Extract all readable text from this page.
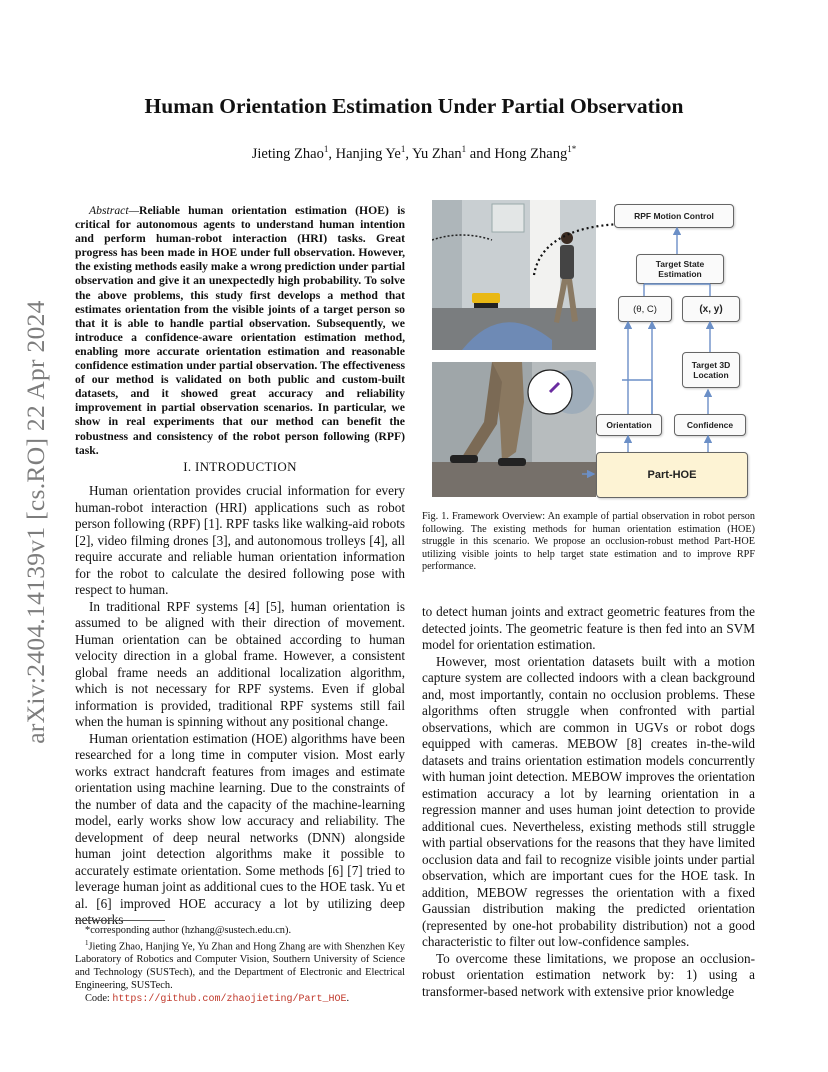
arXiv:2404.14139v1 [cs.RO] 22 Apr 2024
Human Orientation Estimation Under Partial Observation
Jieting Zhao$^1$, Hanjing Ye$^1$, Yu Zhan$^1$ and Hong Zhang$^{1*}$

Abstract—Reliable human orientation estimation (HOE) is critical for autonomous agents to understand human intention and perform human-robot interaction (HRI) tasks. Great progress has been made in HOE under full observation. However, the existing methods easily make a wrong prediction under partial observation and give it an unexpectedly high probability. To solve the above problems, this study first develops a method that estimates orientation from the visible joints of a target person so that it is able to handle partial observation. Subsequently, we introduce a confidence-aware orientation estimation method, enabling more accurate orientation estimation and reasonable confidence estimation under partial observation. The effectiveness of our method is validated on both public and custom-built datasets, and it showed great accuracy and reliability improvement in partial observation scenarios. In particular, we show in real experiments that our method can benefit the robustness and consistency of the robot person following (RPF) task.

I. INTRODUCTION

Human orientation provides crucial information for every human-robot interaction (HRI) applications such as robot person following (RPF) [1]. RPF tasks like walking-aid robots [2], video filming drones [3], and autonomous trolleys [4], all require accurate and reliable human orientation information for the robot to calculate the desired following pose with respect to human.

In traditional RPF systems [4] [5], human orientation is assumed to be aligned with their direction of movement. Human orientation can be obtained according to human velocity direction in a global frame. However, a consistent global frame needs an additional localization algorithm, which is not necessary for RPF systems. Even if global information is provided, traditional RPF systems still fail when the human is spinning without any positional change.

Human orientation estimation (HOE) algorithms have been researched for a long time in computer vision. Most early works extract handcraft features from images and estimate orientation using machine learning. Due to the constraints of the number of data and the capacity of the machine-learning model, early works show low accuracy and reliability. The development of deep neural networks (DNN) alongside human joint detection algorithms make it possible to accurately estimate orientation. Some methods [6] [7] tried to leverage human joint as additional cues to the HOE task. Yu et al. [6] improved HOE accuracy a lot by utilizing deep networks

*corresponding author (hzhang@sustech.edu.cn).

$^1$Jieting Zhao, Hanjing Ye, Yu Zhan and Hong Zhang are with Shenzhen Key Laboratory of Robotics and Computer Vision, Southern University of Science and Technology (SUSTech), and the Department of Electronic and Electrical Engineering, SUSTech.

Code: https://github.com/zhaojieting/Part_HOE.

RPF Motion Control
Target State Estimation
(θ, C)	(x, y)
Target 3D Location
Orientation	Confidence
Part-HOE

Fig. 1. Framework Overview: An example of partial observation in robot person following. The existing methods for human orientation estimation (HOE) struggle in this scenario. We propose an occlusion-robust method Part-HOE utilizing visible joints to help target state estimation and to improve RPF performance.

to detect human joints and extract geometric features from the detected joints. The geometric feature is then fed into an SVM model for orientation estimation.

However, most orientation datasets built with a motion capture system are collected indoors with a clean background and, most importantly, contain no occlusion problems. These algorithms often struggle when confronted with partial observations, which are common in UGVs or robot dogs equipped with cameras. MEBOW [8] creates in-the-wild datasets and trains orientation estimation models concurrently with human joint detection. MEBOW improves the orientation estimation accuracy a lot by learning orientation in a regression manner and uses human joint detection to provide additional cues. Nevertheless, existing methods still struggle with partial observations for the reasons that they have limited occlusion data and fail to recognize visible joints under partial observation, which are important cues for the HOE task. In addition, MEBOW regresses the orientation with a fixed Gaussian distribution making the predicted orientation (represented by one-hot probability distribution) not a good characteristic to filter out low-confidence samples.

To overcome these limitations, we propose an occlusion-robust orientation estimation network by: 1) using a transformer-based network with extensive prior knowledge
